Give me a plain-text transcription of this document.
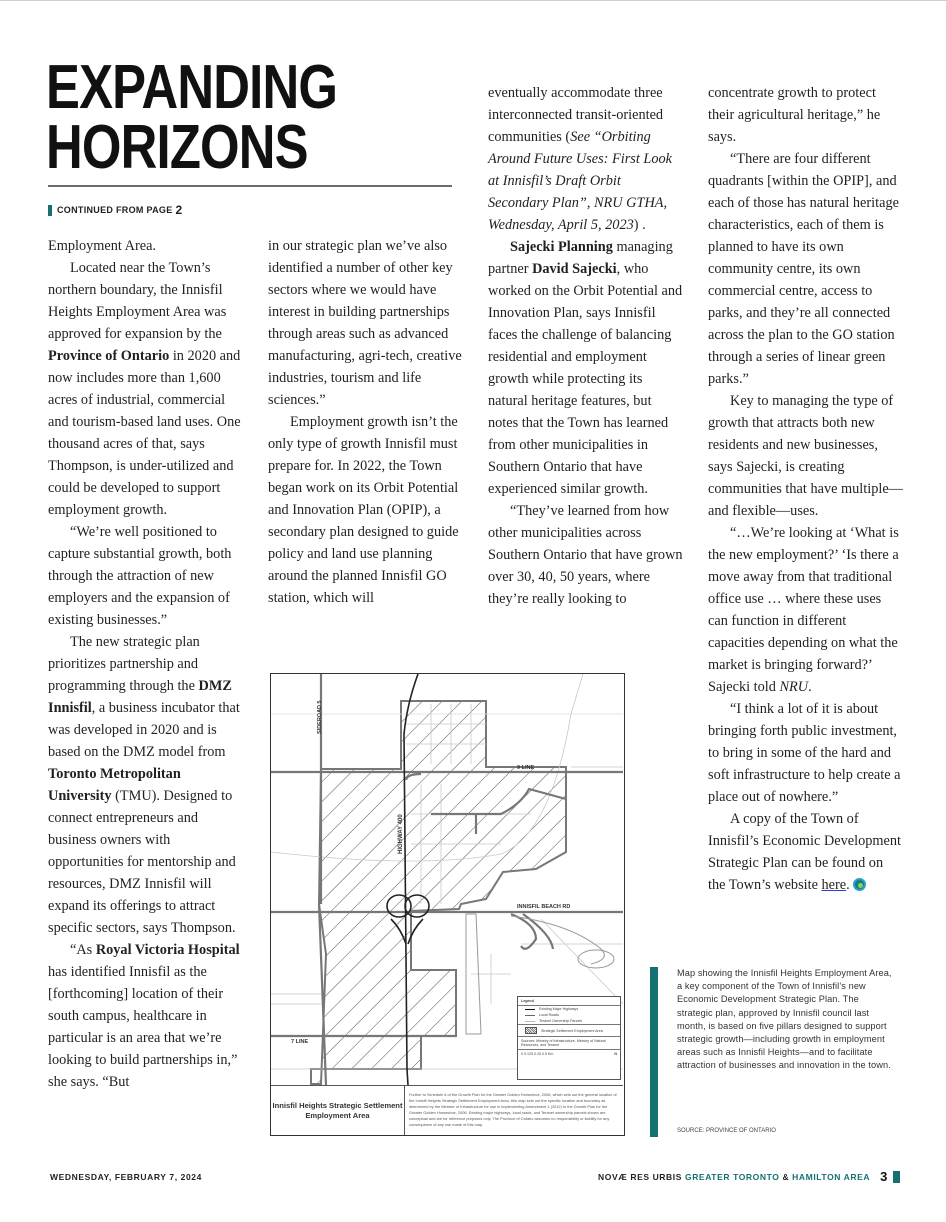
EXPANDING
HORIZONS
CONTINUED FROM PAGE 2

Employment Area.

Located near the Town’s northern boundary, the Innisfil Heights Employment Area was approved for expansion by the Province of Ontario in 2020 and now includes more than 1,600 acres of industrial, commercial and tourism-based land uses. One thousand acres of that, says Thompson, is under-utilized and could be developed to support employment growth.

“We’re well positioned to capture substantial growth, both through the attraction of new employers and the expansion of existing businesses.”

The new strategic plan prioritizes partnership and programming through the DMZ Innisfil, a business incubator that was developed in 2020 and is based on the DMZ model from Toronto Metropolitan University (TMU). Designed to connect entrepreneurs and business owners with opportunities for mentorship and resources, DMZ Innisfil will expand its offerings to attract specific sectors, says Thompson.

“As Royal Victoria Hospital has identified Innisfil as the [forthcoming] location of their south campus, healthcare in particular is an area that we’re looking to build partnerships in,” she says. “But

in our strategic plan we’ve also identified a number of other key sectors where we would have interest in building partnerships through areas such as advanced manufacturing, agri-tech, creative industries, tourism and life sciences.”

Employment growth isn’t the only type of growth Innisfil must prepare for. In 2022, the Town began work on its Orbit Potential and Innovation Plan (OPIP), a secondary plan designed to guide policy and land use planning around the planned Innisfil GO station, which will

eventually accommodate three interconnected transit-oriented communities (See “Orbiting Around Future Uses: First Look at Innisfil’s Draft Orbit Secondary Plan”, NRU GTHA, Wednesday, April 5, 2023) .

Sajecki Planning managing partner David Sajecki, who worked on the Orbit Potential and Innovation Plan, says Innisfil faces the challenge of balancing residential and employment growth while protecting its natural heritage features, but notes that the Town has learned from other municipalities in Southern Ontario that have experienced similar growth.

“They’ve learned from how other municipalities across Southern Ontario that have grown over 30, 40, 50 years, where they’re really looking to

concentrate growth to protect their agricultural heritage,” he says.

“There are four different quadrants [within the OPIP], and each of those has natural heritage characteristics, each of them is planned to have its own community centre, its own commercial centre, access to parks, and they’re all connected across the plan to the GO station through a series of linear green parks.”

Key to managing the type of growth that attracts both new residents and new businesses, says Sajecki, is creating communities that have multiple—and flexible—uses.

“…We’re looking at ‘What is the new employment?’ ‘Is there a move away from that traditional office use … where these uses can function in different capacities depending on what the market is bringing forward?’ Sajecki told NRU.

“I think a lot of it is about bringing forth public investment, to bring in some of the hard and soft infrastructure to help create a place out of nowhere.”

A copy of the Town of Innisfil’s Economic Development Strategic Plan can be found on the Town’s website here.

SIDEROAD 5
9 LINE
HIGHWAY 400
INNISFIL BEACH RD
7 LINE
Legend
Existing Major Highways
Local Roads
Teranet Ownership Parcels
Strategic Settlement Employment Area
Sources: Ministry of Infrastructure, Ministry of Natural Resources, and Teranet
0 0.125 0.25 0.5 Km	N
Innisfil Heights Strategic Settlement Employment Area
Further to Schedule 6 of the Growth Plan for the Greater Golden Horseshoe, 2006, which sets out the general location of the Innisfil Heights Strategic Settlement Employment Area, this map sets out the specific location and boundary as determined by the Minister of Infrastructure for use in implementing Amendment 1 (2012) to the Growth Plan for the Greater Golden Horseshoe, 2006. Existing major highways, local roads, and Teranet ownership parcels shown are conceptual and are for reference purposes only. The Province of Ontario assumes no responsibility or liability for any consequence of any use made of this map.
Map showing the Innisfil Heights Employment Area, a key component of the Town of Innisfil’s new Economic Development Strategic Plan. The strategic plan, approved by Innisfil council last month, is based on five pillars designed to support strategic growth—including growth in employment areas such as Innisfil Heights—and to facilitate attraction of businesses and innovation in the town.
SOURCE: PROVINCE OF ONTARIO
WEDNESDAY, FEBRUARY 7, 2024	NOVÆ RES URBIS
GREATER TORONTO
&
HAMILTON AREA 3
